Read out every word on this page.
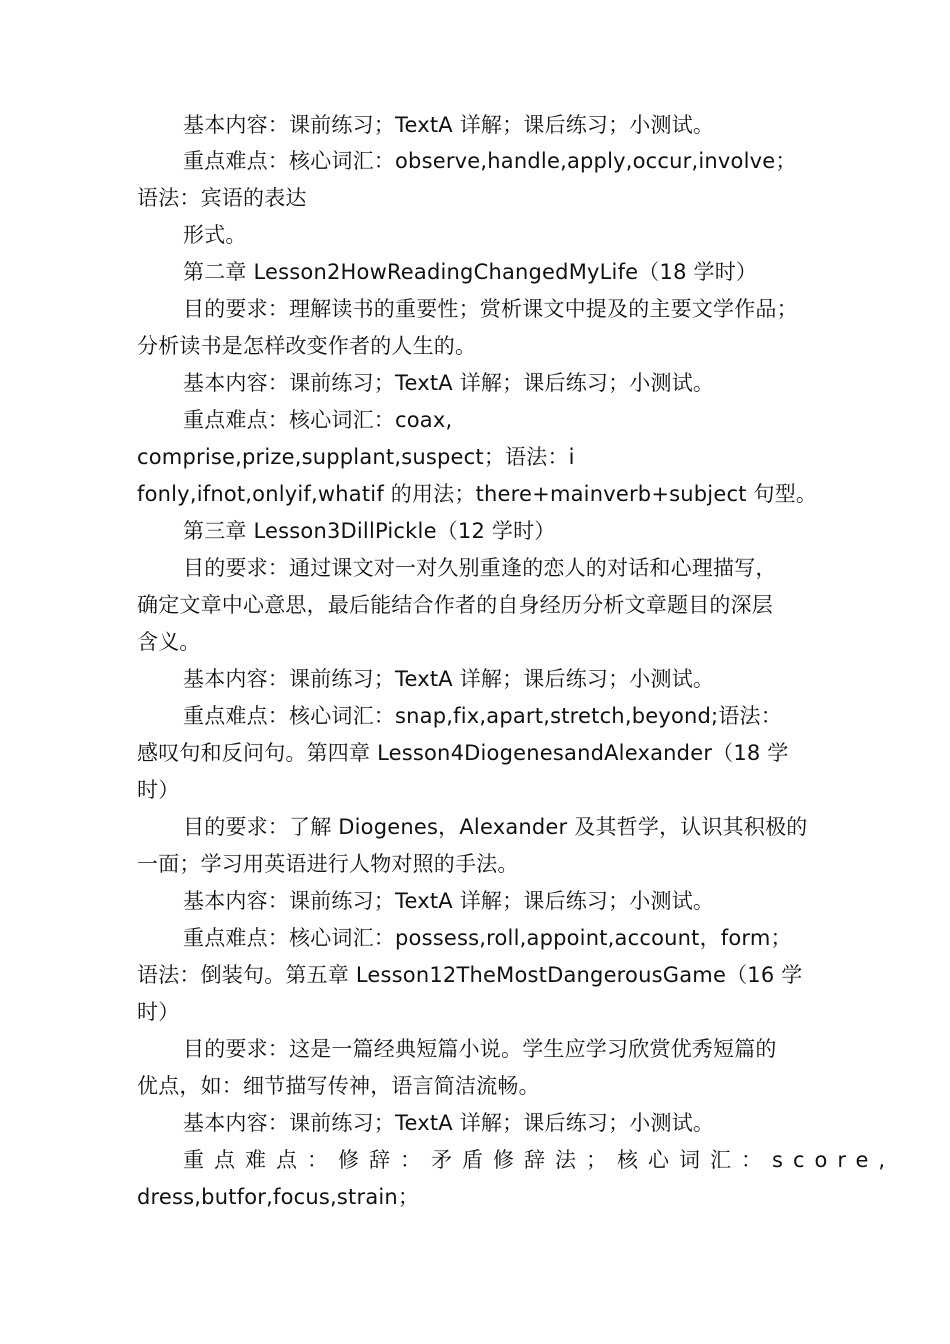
基本内容：课前练习；TextA 详解；课后练习；小测试。
重点难点：核心词汇：observe,handle,apply,occur,involve；
语法：宾语的表达
形式。
第二章 Lesson2HowReadingChangedMyLife（18 学时）
目的要求：理解读书的重要性；赏析课文中提及的主要文学作品；
分析读书是怎样改变作者的人生的。
基本内容：课前练习；TextA 详解；课后练习；小测试。
重点难点：核心词汇：coax,
comprise,prize,supplant,suspect；语法：i
fonly,ifnot,onlyif,whatif 的用法；there+mainverb+subject 句型。
第三章 Lesson3DillPickle（12 学时）
目的要求：通过课文对一对久别重逢的恋人的对话和心理描写，
确定文章中心意思，最后能结合作者的自身经历分析文章题目的深层
含义。
基本内容：课前练习；TextA 详解；课后练习；小测试。
重点难点：核心词汇：snap,fix,apart,stretch,beyond;语法：
感叹句和反问句。第四章 Lesson4DiogenesandAlexander（18 学
时）
目的要求：了解 Diogenes，Alexander 及其哲学，认识其积极的
一面；学习用英语进行人物对照的手法。
基本内容：课前练习；TextA 详解；课后练习；小测试。
重点难点：核心词汇：possess,roll,appoint,account，form；
语法：倒装句。第五章 Lesson12TheMostDangerousGame（16 学
时）
目的要求：这是一篇经典短篇小说。学生应学习欣赏优秀短篇的
优点，如：细节描写传神，语言简洁流畅。
基本内容：课前练习；TextA 详解；课后练习；小测试。
重点难点：修辞：矛盾修辞法；核心词汇：score,
dress,butfor,focus,strain；
